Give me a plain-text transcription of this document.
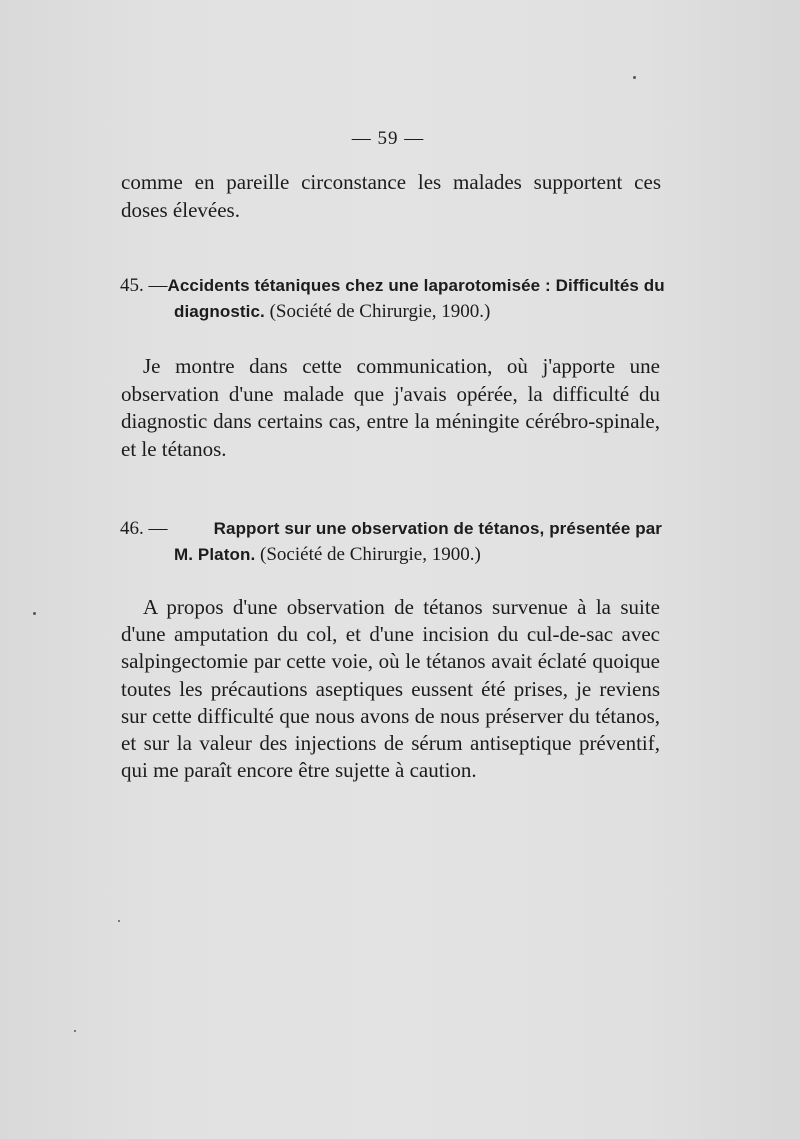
— 59 —
comme en pareille circonstance les malades supportent ces doses élevées.
45. — Accidents tétaniques chez une laparotomisée : Difficultés du
diagnostic. (Société de Chirurgie, 1900.)
Je montre dans cette communication, où j'apporte une observation d'une malade que j'avais opérée, la difficulté du diagnostic dans certains cas, entre la méningite cérébro-spinale, et le tétanos.
46. —	Rapport sur une observation de tétanos, présentée par
M. Platon. (Société de Chirurgie, 1900.)
A propos d'une observation de tétanos survenue à la suite d'une amputation du col, et d'une incision du cul-de-sac avec salpingectomie par cette voie, où le tétanos avait éclaté quoique toutes les précautions aseptiques eussent été prises, je reviens sur cette difficulté que nous avons de nous préserver du tétanos, et sur la valeur des injections de sérum antiseptique préventif, qui me paraît encore être sujette à caution.
